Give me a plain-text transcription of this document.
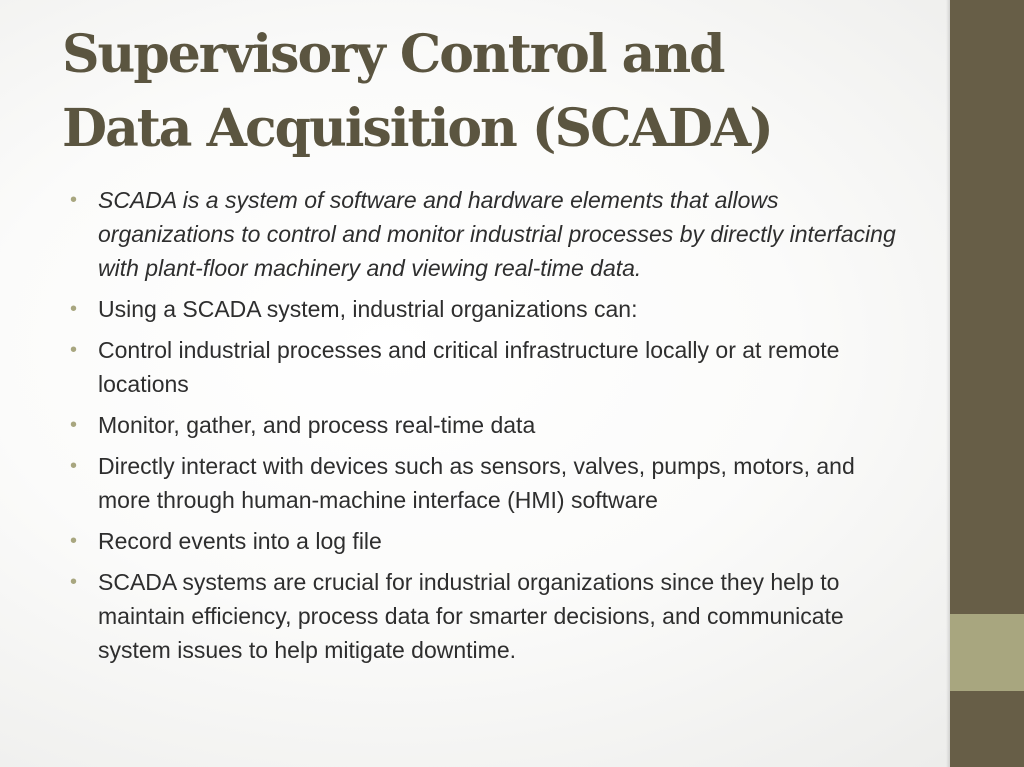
Supervisory Control and
Data Acquisition (SCADA)
• SCADA is a system of software and hardware elements that allows organizations to control and monitor industrial processes by directly interfacing with plant-floor machinery and viewing real-time data.
• Using a SCADA system, industrial organizations can:
• Control industrial processes and critical infrastructure locally or at remote locations
• Monitor, gather, and process real-time data
• Directly interact with devices such as sensors, valves, pumps, motors, and more through human-machine interface (HMI) software
• Record events into a log file
• SCADA systems are crucial for industrial organizations since they help to maintain efficiency, process data for smarter decisions, and communicate system issues to help mitigate downtime.
